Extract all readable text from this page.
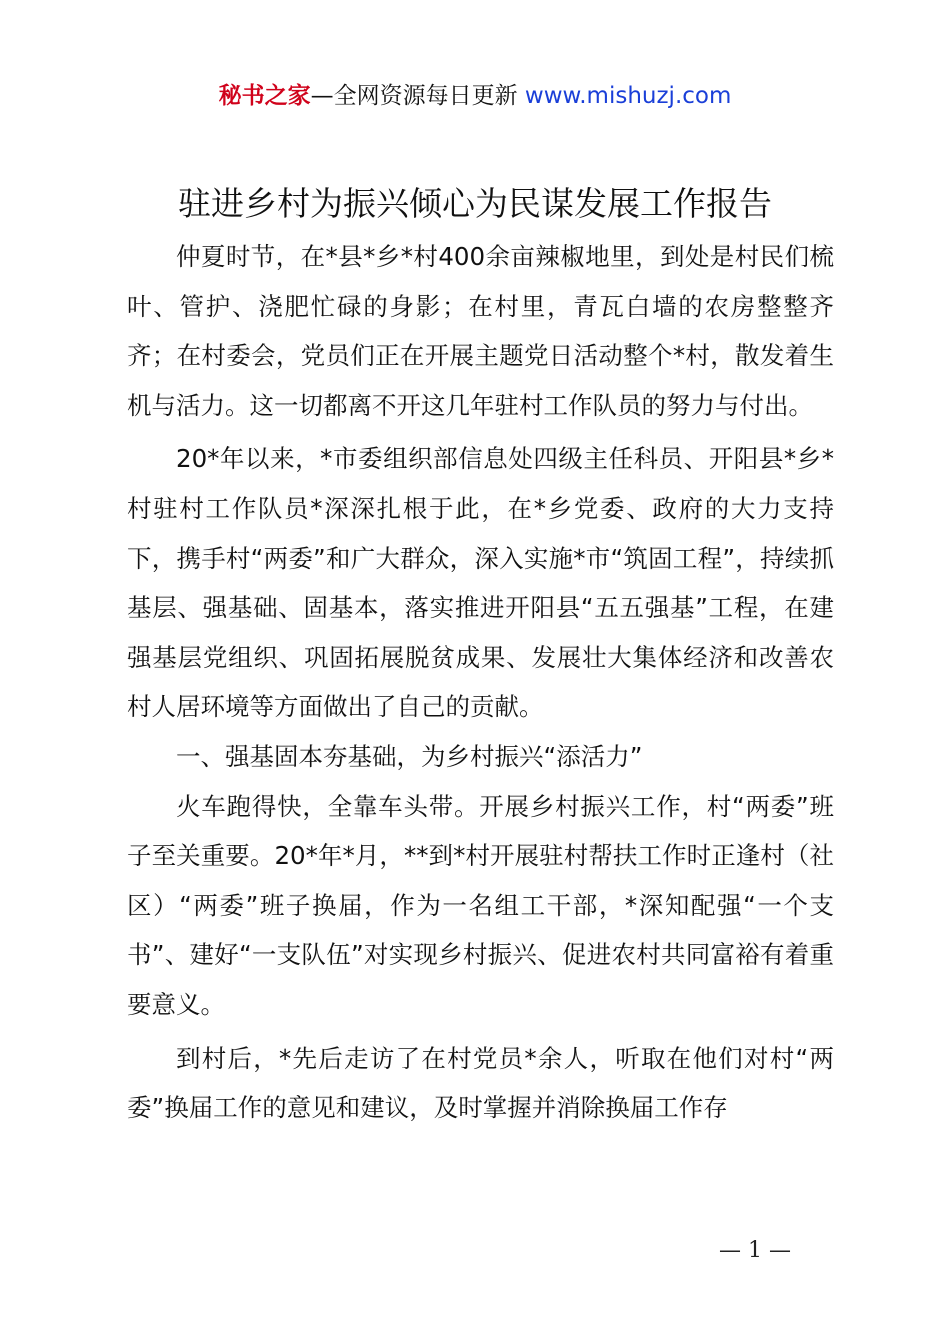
秘书之家—全网资源每日更新 www.mishuzj.com
驻进乡村为振兴倾心为民谋发展工作报告

仲夏时节，在*县*乡*村400余亩辣椒地里，到处是村民们梳叶、管护、浇肥忙碌的身影；在村里，青瓦白墙的农房整整齐齐；在村委会，党员们正在开展主题党日活动整个*村，散发着生机与活力。这一切都离不开这几年驻村工作队员的努力与付出。

20*年以来，*市委组织部信息处四级主任科员、开阳县*乡*村驻村工作队员*深深扎根于此，在*乡党委、政府的大力支持下，携手村“两委”和广大群众，深入实施*市“筑固工程”，持续抓基层、强基础、固基本，落实推进开阳县“五五强基”工程，在建强基层党组织、巩固拓展脱贫成果、发展壮大集体经济和改善农村人居环境等方面做出了自己的贡献。

一、强基固本夯基础，为乡村振兴“添活力”

火车跑得快，全靠车头带。开展乡村振兴工作，村“两委”班子至关重要。20*年*月，**到*村开展驻村帮扶工作时正逢村（社区）“两委”班子换届，作为一名组工干部，*深知配强“一个支书”、建好“一支队伍”对实现乡村振兴、促进农村共同富裕有着重要意义。

到村后，*先后走访了在村党员*余人，听取在他们对村“两委”换届工作的意见和建议，及时掌握并消除换届工作存

— 1 —
